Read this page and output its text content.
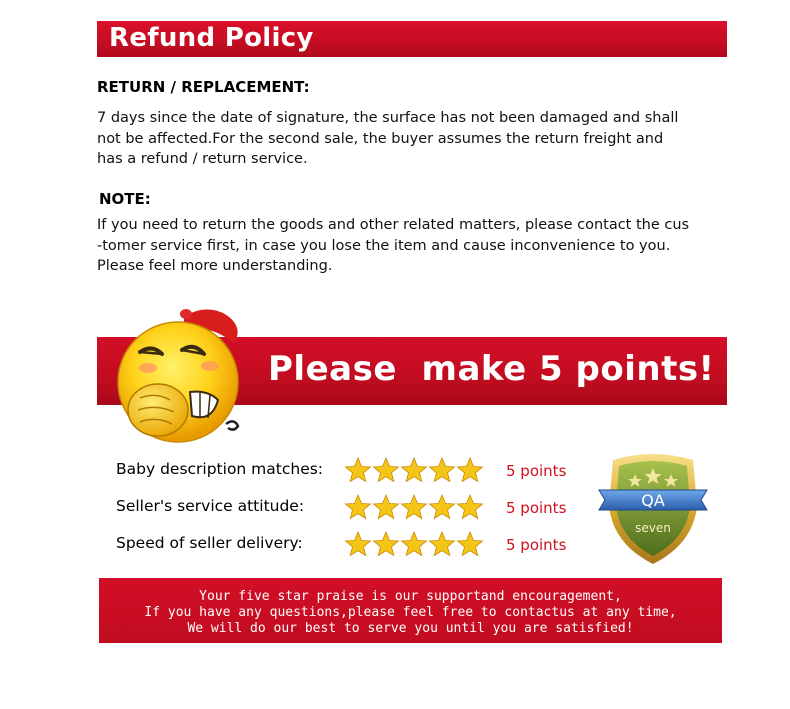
Refund Policy
RETURN / REPLACEMENT:
7 days since the date of signature, the surface has not been damaged and shall
not be affected.For the second sale, the buyer assumes the return freight and
has a refund / return service.
NOTE:
If you need to return the goods and other related matters, please contact the cus
-tomer service first, in case you lose the item and cause inconvenience to you.
Please feel more understanding.
Please  make 5 points!
Baby description matches:	5 points
Seller's service attitude:	5 points
Speed of seller delivery:	5 points
QA
seven
Your five star praise is our supportand encouragement,
If you have any questions,please feel free to contactus at any time,
We will do our best to serve you until you are satisfied!
